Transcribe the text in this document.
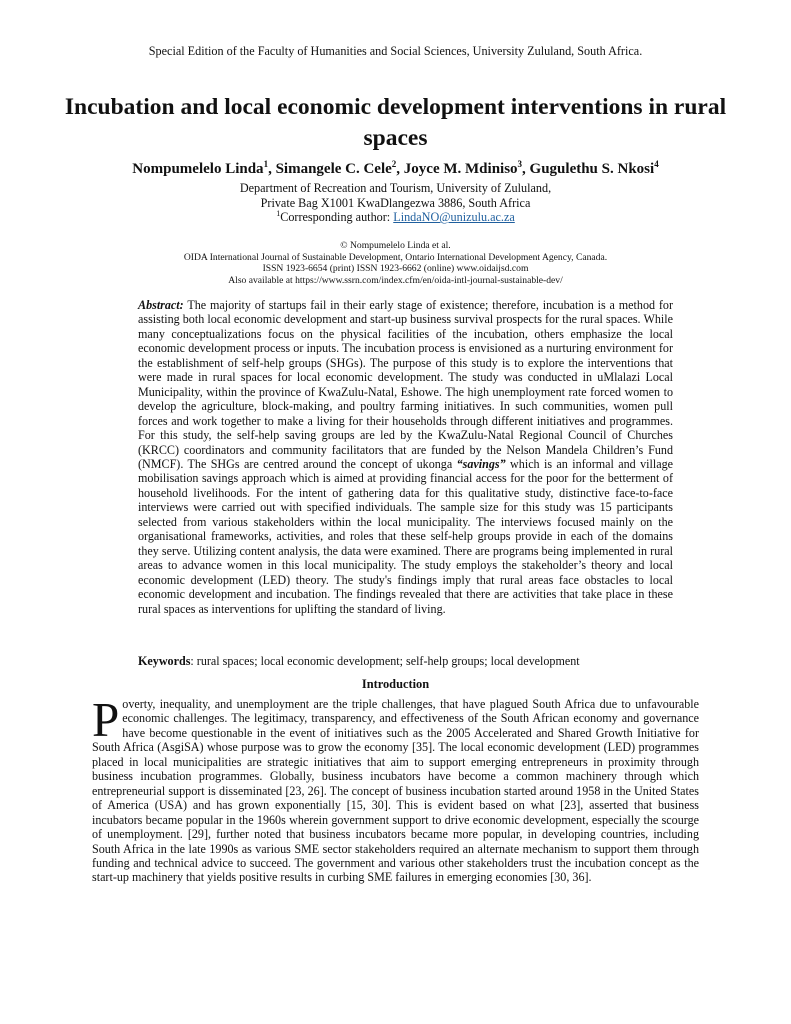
Special Edition of the Faculty of Humanities and Social Sciences, University Zululand, South Africa.
Incubation and local economic development interventions in rural spaces
Nompumelelo Linda$^1$, Simangele C. Cele$^2$, Joyce M. Mdiniso$^3$, Gugulethu S. Nkosi$^4$
Department of Recreation and Tourism, University of Zululand,
Private Bag X1001 KwaDlangezwa 3886, South Africa
$^1$Corresponding author: LindaNO@unizulu.ac.za
© Nompumelelo Linda et al.
OIDA International Journal of Sustainable Development, Ontario International Development Agency, Canada.
ISSN 1923-6654 (print) ISSN 1923-6662 (online) www.oidaijsd.com
Also available at https://www.ssrn.com/index.cfm/en/oida-intl-journal-sustainable-dev/

Abstract: The majority of startups fail in their early stage of existence; therefore, incubation is a method for assisting both local economic development and start-up business survival prospects for the rural spaces. While many conceptualizations focus on the physical facilities of the incubation, others emphasize the local economic development process or inputs. The incubation process is envisioned as a nurturing environment for the establishment of self-help groups (SHGs). The purpose of this study is to explore the interventions that were made in rural spaces for local economic development. The study was conducted in uMlalazi Local Municipality, within the province of KwaZulu-Natal, Eshowe. The high unemployment rate forced women to develop the agriculture, block-making, and poultry farming initiatives. In such communities, women pull forces and work together to make a living for their households through different initiatives and programmes. For this study, the self-help saving groups are led by the KwaZulu-Natal Regional Council of Churches (KRCC) coordinators and community facilitators that are funded by the Nelson Mandela Children’s Fund (NMCF). The SHGs are centred around the concept of ukonga “savings” which is an informal and village mobilisation savings approach which is aimed at providing financial access for the poor for the betterment of household livelihoods. For the intent of gathering data for this qualitative study, distinctive face-to-face interviews were carried out with specified individuals. The sample size for this study was 15 participants selected from various stakeholders within the local municipality. The interviews focused mainly on the organisational frameworks, activities, and roles that these self-help groups provide in each of the domains they serve. Utilizing content analysis, the data were examined. There are programs being implemented in rural areas to advance women in this local municipality. The study employs the stakeholder’s theory and local economic development (LED) theory. The study's findings imply that rural areas face obstacles to local economic development and incubation. The findings revealed that there are activities that take place in these rural spaces as interventions for uplifting the standard of living.

Keywords: rural spaces; local economic development; self-help groups; local development
Introduction

Poverty, inequality, and unemployment are the triple challenges, that have plagued South Africa due to unfavourable economic challenges. The legitimacy, transparency, and effectiveness of the South African economy and governance have become questionable in the event of initiatives such as the 2005 Accelerated and Shared Growth Initiative for South Africa (AsgiSA) whose purpose was to grow the economy [35]. The local economic development (LED) programmes placed in local municipalities are strategic initiatives that aim to support emerging entrepreneurs in proximity through business incubation programmes. Globally, business incubators have become a common machinery through which entrepreneurial support is disseminated [23, 26]. The concept of business incubation started around 1958 in the United States of America (USA) and has grown exponentially [15, 30]. This is evident based on what [23], asserted that business incubators became popular in the 1960s wherein government support to drive economic development, especially the scourge of unemployment. [29], further noted that business incubators became more popular, in developing countries, including South Africa in the late 1990s as various SME sector stakeholders required an alternate mechanism to support them through funding and technical advice to succeed. The government and various other stakeholders trust the incubation concept as the start-up machinery that yields positive results in curbing SME failures in emerging economies [30, 36].
